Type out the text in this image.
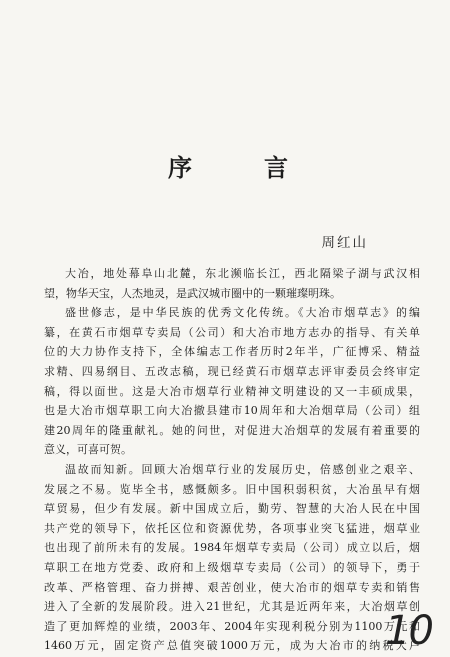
序	言
周红山

大冶，地处幕阜山北麓，东北濒临长江，西北隔梁子湖与武汉相
望，物华天宝，人杰地灵，是武汉城市圈中的一颗璀璨明珠。

盛世修志，是中华民族的优秀文化传统。《大冶市烟草志》的编
纂，在黄石市烟草专卖局（公司）和大冶市地方志办的指导、有关单
位的大力协作支持下，全体编志工作者历时2年半，广征博采、精益
求精、四易纲目、五改志稿，现已经黄石市烟草志评审委员会终审定
稿，得以面世。这是大冶市烟草行业精神文明建设的又一丰硕成果，
也是大冶市烟草职工向大冶撤县建市10周年和大冶烟草局（公司）组
建20周年的隆重献礼。她的问世，对促进大冶烟草的发展有着重要的
意义，可喜可贺。

温故而知新。回顾大冶烟草行业的发展历史，倍感创业之艰辛、
发展之不易。览毕全书，感慨颇多。旧中国积弱积贫，大冶虽早有烟
草贸易，但少有发展。新中国成立后，勤劳、智慧的大冶人民在中国
共产党的领导下，依托区位和资源优势，各项事业突飞猛进，烟草业
也出现了前所未有的发展。1984年烟草专卖局（公司）成立以后，烟
草职工在地方党委、政府和上级烟草专卖局（公司）的领导下，勇于
改革、严格管理、奋力拼搏、艰苦创业，使大冶市的烟草专卖和销售
进入了全新的发展阶段。进入21世纪，尤其是近两年来，大冶烟草创
造了更加辉煌的业绩，2003年、2004年实现利税分别为1100万元和
1460万元，固定资产总值突破1000万元，成为大冶市的纳税大户

10
